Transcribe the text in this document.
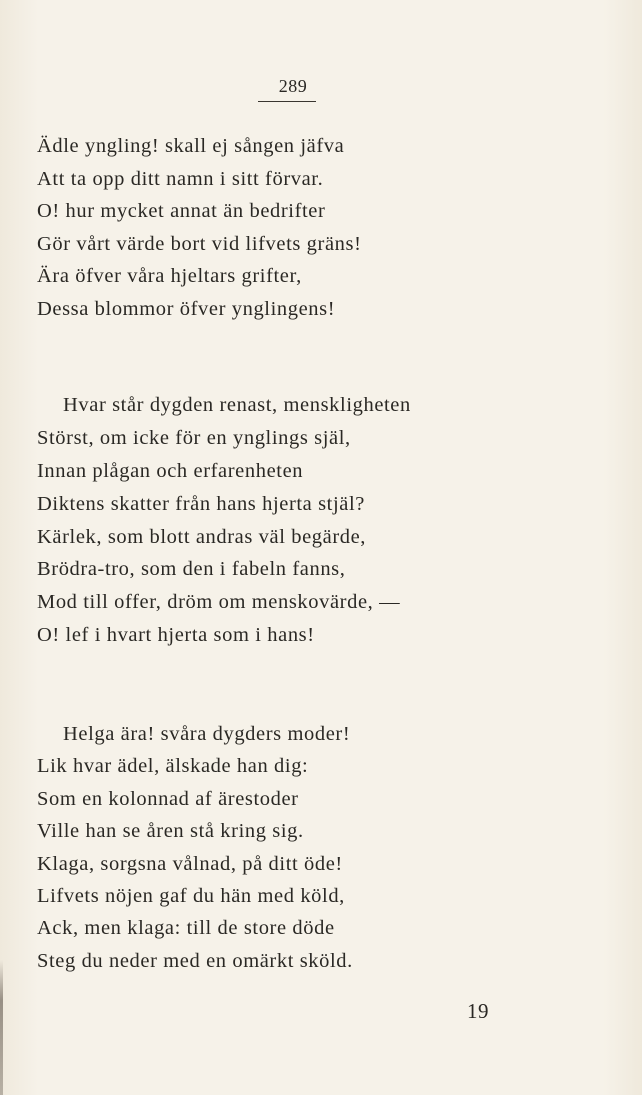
289
Ädle yngling! skall ej sången jäfva
Att ta opp ditt namn i sitt förvar.
O! hur mycket annat än bedrifter
Gör vårt värde bort vid lifvets gräns!
Ära öfver våra hjeltars grifter,
Dessa blommor öfver ynglingens!
Hvar står dygden renast, menskligheten
Störst, om icke för en ynglings själ,
Innan plågan och erfarenheten
Diktens skatter från hans hjerta stjäl?
Kärlek, som blott andras väl begärde,
Brödra-tro, som den i fabeln fanns,
Mod till offer, dröm om menskovärde, —
O! lef i hvart hjerta som i hans!
Helga ära! svåra dygders moder!
Lik hvar ädel, älskade han dig:
Som en kolonnad af ärestoder
Ville han se åren stå kring sig.
Klaga, sorgsna vålnad, på ditt öde!
Lifvets nöjen gaf du hän med köld,
Ack, men klaga: till de store döde
Steg du neder med en omärkt sköld.
19
